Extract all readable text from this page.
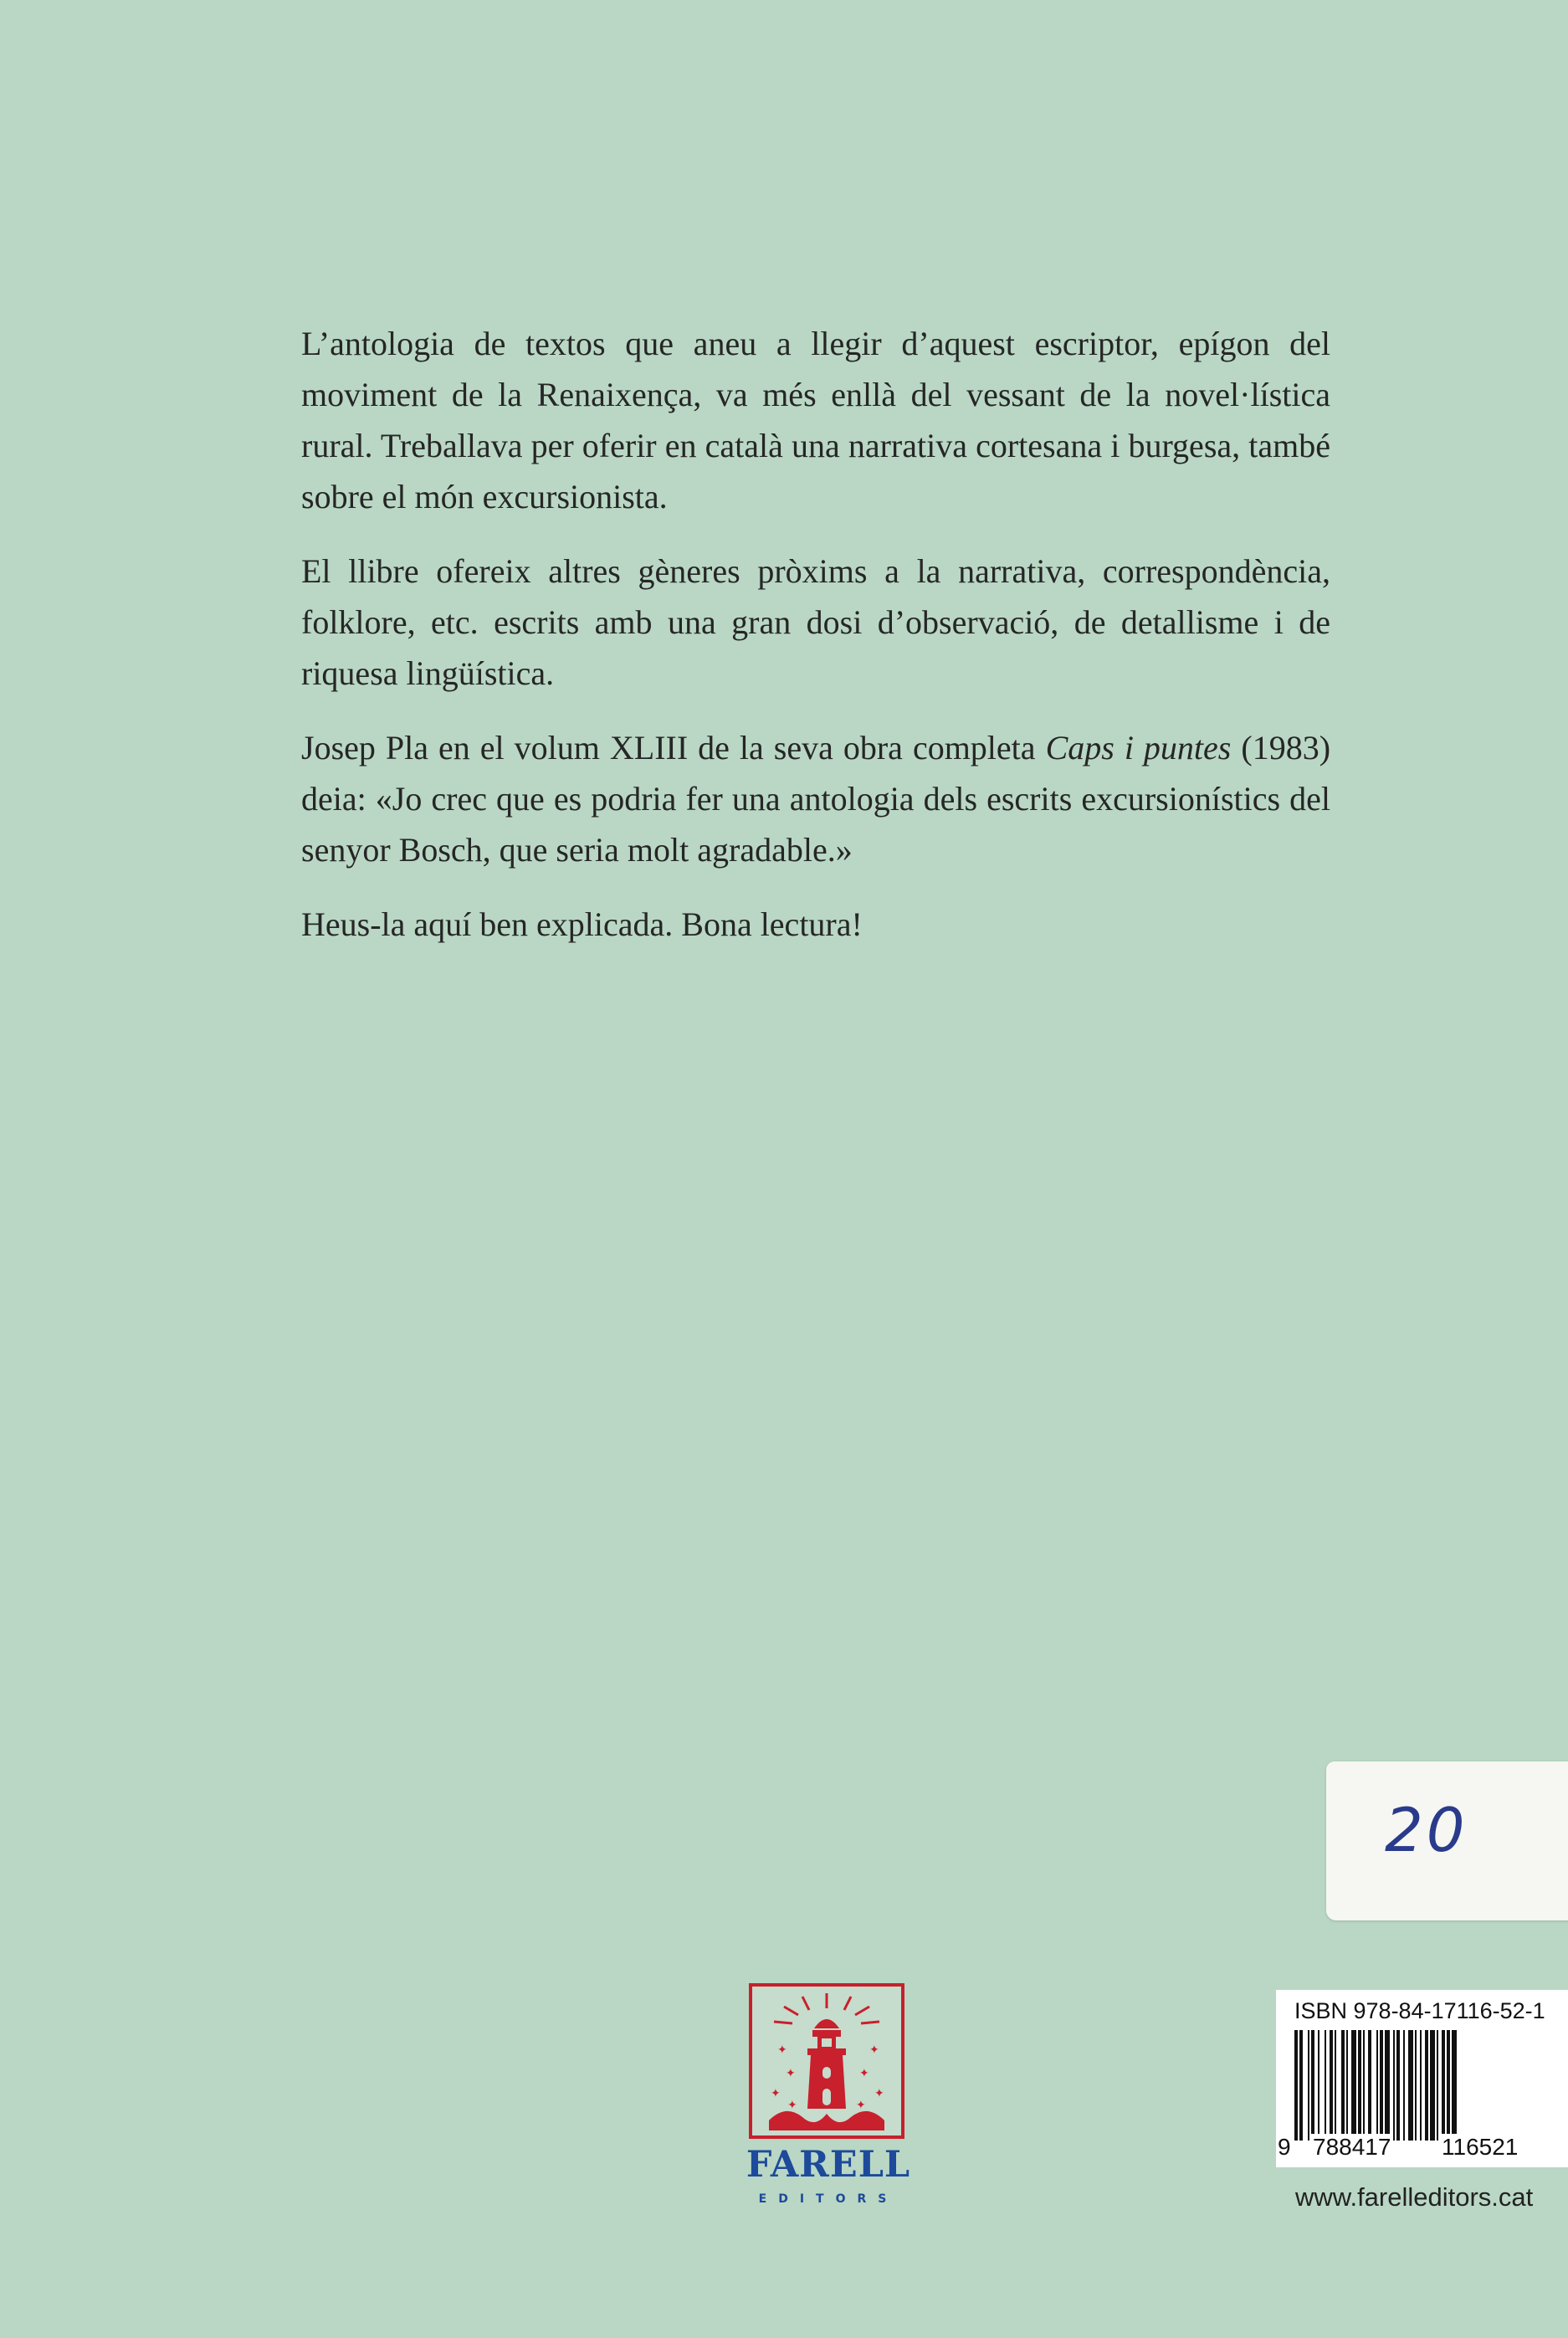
L’antologia de textos que aneu a llegir d’aquest escriptor, epígon del moviment de la Renaixença, va més enllà del vessant de la novel·lística rural. Treballava per oferir en català una narrativa cortesana i burgesa, també sobre el món excursionista.

El llibre ofereix altres gèneres pròxims a la narrativa, correspondència, folklore, etc. escrits amb una gran dosi d’observació, de detallisme i de riquesa lingüística.

Josep Pla en el volum XLIII de la seva obra completa Caps i puntes (1983) deia: «Jo crec que es podria fer una antologia dels escrits excursionístics del senyor Bosch, que seria molt agradable.»

Heus-la aquí ben explicada. Bona lectura!

20
✦	✦
✦	✦
✦	✦
✦	✦
FARELL
EDITORS
ISBN 978-84-17116-52-1
9 788417 116521
www.farelleditors.cat
